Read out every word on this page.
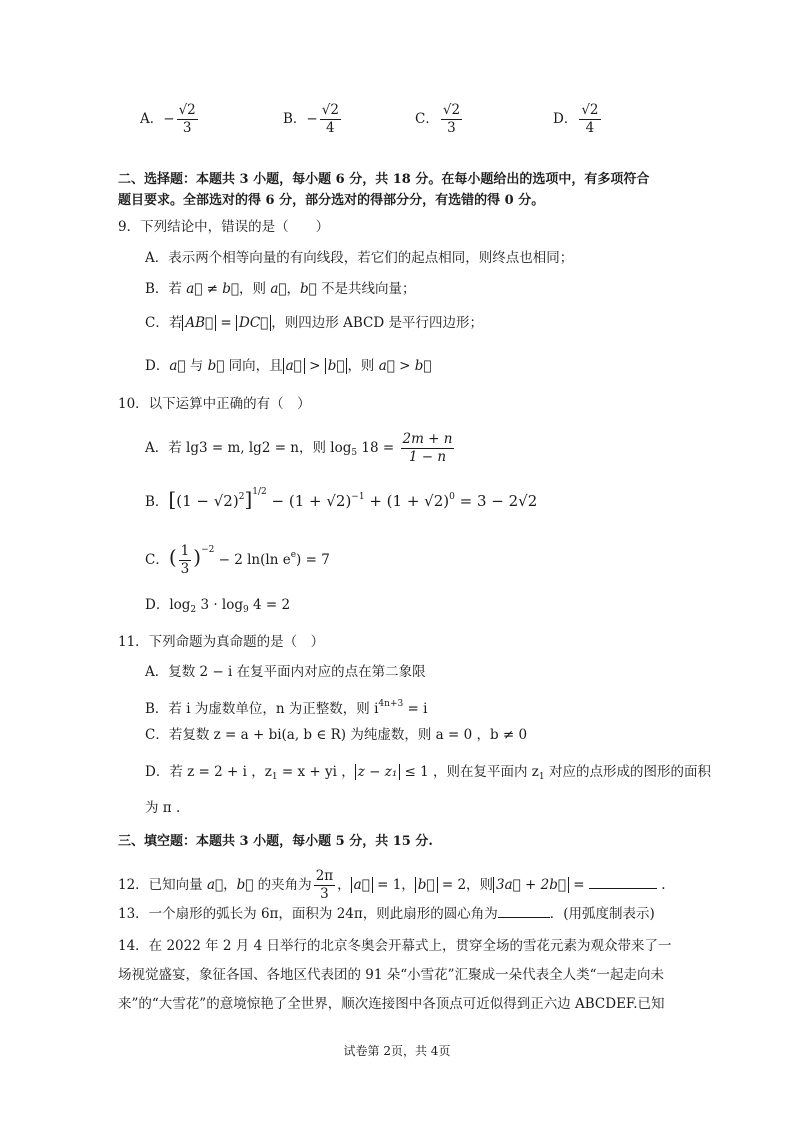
A．− $\frac{√2}{3}$	B．− $\frac{√2}{4}$	C． $\frac{√2}{3}$	D． $\frac{√2}{4}$
二、选择题：本题共 3 小题，每小题 6 分，共 18 分。在每小题给出的选项中，有多项符合
题目要求。全部选对的得 6 分，部分选对的得部分分，有选错的得 0 分。
9．下列结论中，错误的是（　　）
A．表示两个相等向量的有向线段，若它们的起点相同，则终点也相同；
B．若 a⃗ ≠ b⃗，则 a⃗，b⃗ 不是共线向量；
C．若 AB⃗ = DC⃗ ，则四边形 ABCD 是平行四边形；
D．a⃗ 与 b⃗ 同向，且 a⃗ > b⃗ ，则 a⃗ > b⃗
10．以下运算中正确的有（　）
A．若 lg3 = m, lg2 = n，则 $\log_5 18 = \frac{2m + n}{1 - n}$
B．$[(1 - √2)^2]^{1/2} - (1 + √2)^{-1} + (1 + √2)^0 = 3 - 2√2$
C．( $\frac{1}{3} )^{-2} - 2$ ln(ln $e^e) = 7$
D．$\log_2 3 \cdot \log_9 4 = 2$
11．下列命题为真命题的是（　）
A．复数 2 − i 在复平面内对应的点在第二象限
B．若 i 为虚数单位，n 为正整数，则 $i^{4n+3} = i$
C．若复数 z = a + bi(a, b ∈ R) 为纯虚数，则 a = 0 ，b ≠ 0
D．若 z = 2 + i ，$z_1 = x$ + yi ， z − z₁ ≤ 1 ，则在复平面内 $z_1$ 对应的点形成的图形的面积
为 π .
三、填空题：本题共 3 小题，每小题 5 分，共 15 分.
12．已知向量 a⃗，b⃗ 的夹角为 $\frac{2\pi}{3}$ ， a⃗ = 1， b⃗ = 2，则 3a⃗ + 2b⃗ =	.
13．一个扇形的弧长为 6π，面积为 24π，则此扇形的圆心角为	．(用弧度制表示)
14．在 2022 年 2 月 4 日举行的北京冬奥会开幕式上，贯穿全场的雪花元素为观众带来了一
场视觉盛宴，象征各国、各地区代表团的 91 朵“小雪花”汇聚成一朵代表全人类“一起走向未
来”的“大雪花”的意境惊艳了全世界，顺次连接图中各顶点可近似得到正六边 ABCDEF.已知
试卷第 2页，共 4页
